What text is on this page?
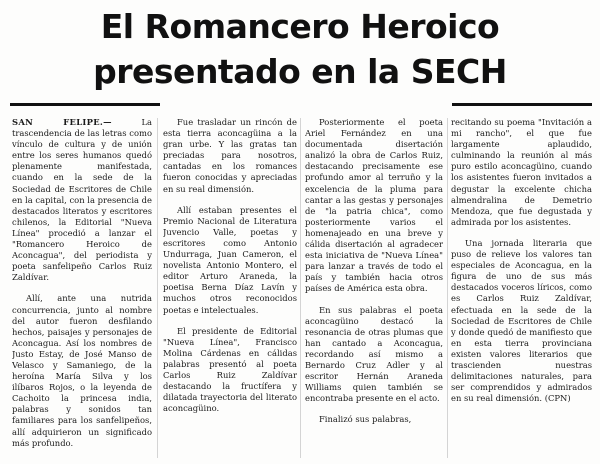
El Romancero Heroico
presentado en la SECH

SAN FELIPE.— La trascendencia de las letras como vínculo de cultura y de unión entre los seres humanos quedó plenamente manifestada, cuando en la sede de la Sociedad de Escritores de Chile en la capital, con la presencia de destacados literatos y escritores chilenos, la Editorial "Nueva Línea" procedió a lanzar el "Romancero Heroico de Aconcagua", del periodista y poeta sanfelipeño Carlos Ruiz Zaldívar.

Allí, ante una nutrida concurrencia, junto al nombre del autor fueron desfilando hechos, paisajes y personajes de Aconcagua. Así los nombres de Justo Estay, de José Manso de Velasco y Samaniego, de la heroína María Silva y los ilíbaros Rojos, o la leyenda de Cachoito la princesa india, palabras y sonidos tan familiares para los sanfelipeños, allí adquirieron un significado más profundo.

Fue trasladar un rincón de esta tierra aconcagüina a la gran urbe. Y las gratas tan preciadas para nosotros, cantadas en los romances fueron conocidas y apreciadas en su real dimensión.

Allí estaban presentes el Premio Nacional de Literatura Juvencio Valle, poetas y escritores como Antonio Undurraga, Juan Cameron, el novelista Antonio Montero, el editor Arturo Araneda, la poetisa Berna Díaz Lavín y muchos otros reconocidos poetas e intelectuales.

El presidente de Editorial "Nueva Línea", Francisco Molina Cárdenas en cálidas palabras presentó al poeta Carlos Ruiz Zaldívar destacando la fructífera y dilatada trayectoria del literato aconcagüino.

Posteriormente el poeta Ariel Fernández en una documentada disertación analizó la obra de Carlos Ruiz, destacando precisamente ese profundo amor al terruño y la excelencia de la pluma para cantar a las gestas y personajes de "la patria chica", como posteriormente varios el homenajeado en una breve y cálida disertación al agradecer esta iniciativa de "Nueva Línea" para lanzar a través de todo el país y también hacia otros países de América esta obra.

En sus palabras el poeta aconcagüino destacó la resonancia de otras plumas que han cantado a Aconcagua, recordando así mismo a Bernardo Cruz Adler y al escritor Hernán Araneda Williams quien también se encontraba presente en el acto.

Finalizó sus palabras,

recitando su poema "Invitación a mi rancho", el que fue largamente aplaudido, culminando la reunión al más puro estilo aconcagüino, cuando los asistentes fueron invitados a degustar la excelente chicha almendralina de Demetrio Mendoza, que fue degustada y admirada por los asistentes.

Una jornada literaria que puso de relieve los valores tan especiales de Aconcagua, en la figura de uno de sus más destacados voceros líricos, como es Carlos Ruiz Zaldívar, efectuada en la sede de la Sociedad de Escritores de Chile y donde quedó de manifiesto que en esta tierra provinciana existen valores literarios que trascienden nuestras delimitaciones naturales, para ser comprendidos y admirados en su real dimensión. (CPN)
